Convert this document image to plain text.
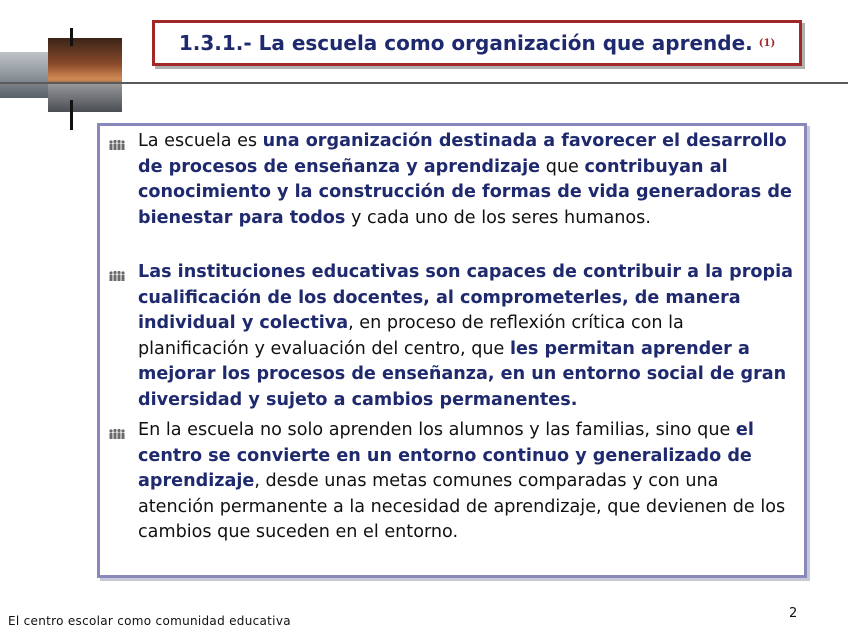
1.3.1.- La escuela como organización que aprende. (1)
La escuela es una organización destinada a favorecer el desarrollo de procesos de enseñanza y aprendizaje que contribuyan al conocimiento y la construcción de formas de vida generadoras de bienestar para todos y cada uno de los seres humanos.
Las instituciones educativas son capaces de contribuir a la propia cualificación de los docentes, al comprometerles, de manera individual y colectiva, en proceso de reflexión crítica con la planificación y evaluación del centro, que les permitan aprender a mejorar los procesos de enseñanza, en un entorno social de gran diversidad y sujeto a cambios permanentes.
En la escuela no solo aprenden los alumnos y las familias, sino que el centro se convierte en un entorno continuo y generalizado de aprendizaje, desde unas metas comunes comparadas y con una atención permanente a la necesidad de aprendizaje, que devienen de los cambios que suceden en el entorno.
El centro escolar como comunidad educativa	2
